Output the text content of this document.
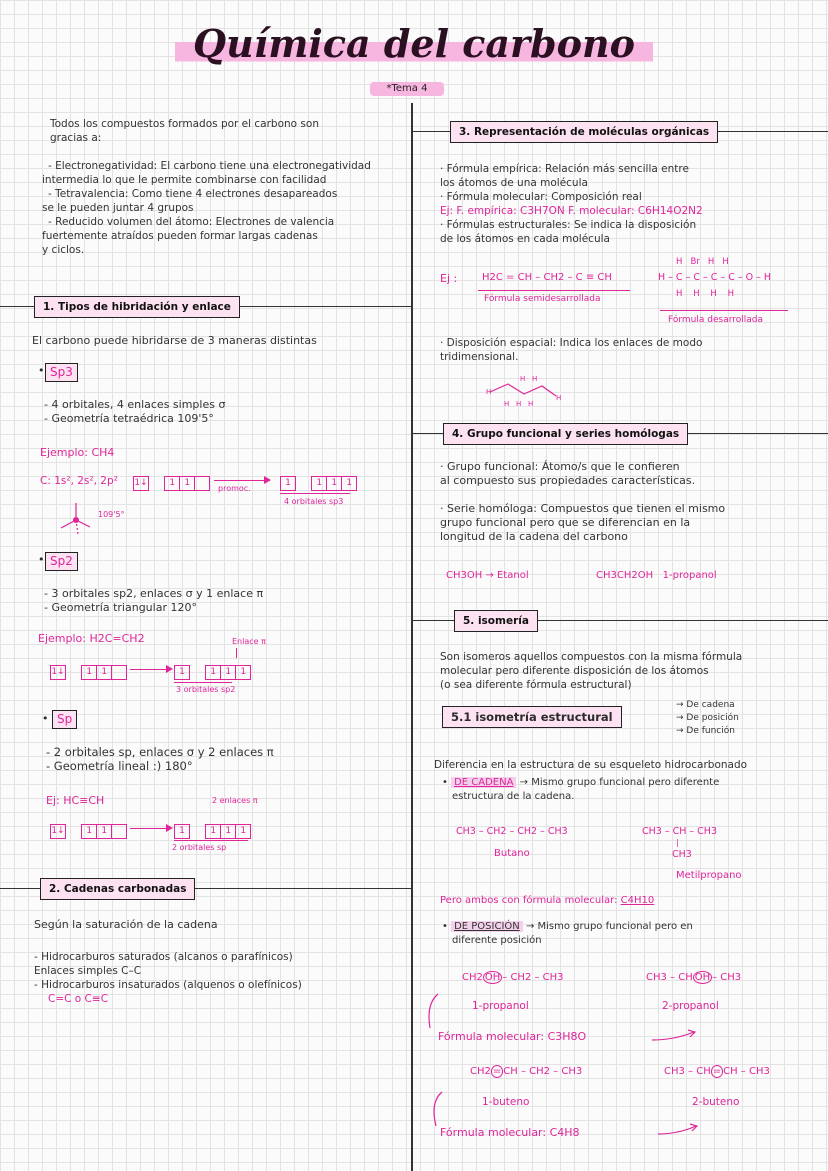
Química del carbono
*Tema 4
Todos los compuestos formados por el carbono son
gracias a:
- Electronegatividad: El carbono tiene una electronegatividad
intermedia lo que le permite combinarse con facilidad
- Tetravalencia: Como tiene 4 electrones desapareados
se le pueden juntar 4 grupos
- Reducido volumen del átomo: Electrones de valencia
fuertemente atraídos pueden formar largas cadenas
y ciclos.
1. Tipos de hibridación y enlace
El carbono puede hibridarse de 3 maneras distintas
• Sp3
- 4 orbitales, 4 enlaces simples σ
- Geometría tetraédrica 109'5°
Ejemplo: CH4
C: 1s², 2s², 2p² 1↓ 1 1
promoc.
1	1 1 1
4 orbitales sp3
109'5°
• Sp2
- 3 orbitales sp2, enlaces σ y 1 enlace π
- Geometría triangular 120°
Ejemplo: H2C=CH2	Enlace π
1↓ 1 1	1	1 1 1
3 orbitales sp2
• Sp
- 2 orbitales sp, enlaces σ y 2 enlaces π
- Geometría lineal :) 180°
Ej: HC≡CH	2 enlaces π
1↓ 1 1	1	1 1 1
2 orbitales sp
2. Cadenas carbonadas
Según la saturación de la cadena
- Hidrocarburos saturados (alcanos o parafínicos)
Enlaces simples C–C
- Hidrocarburos insaturados (alquenos o olefínicos)
C=C o C≡C
3. Representación de moléculas orgánicas
· Fórmula empírica: Relación más sencilla entre
los átomos de una molécula
· Fórmula molecular: Composición real
Ej: F. empírica: C3H7ON F. molecular: C6H14O2N2
· Fórmulas estructurales: Se indica la disposición
de los átomos en cada molécula
Ej : H2C = CH – CH2 – C ≡ CH
Fórmula semidesarrollada
H   Br   H   H
H – C – C – C – C – O – H
H    H    H    H
Fórmula desarrollada
· Disposición espacial: Indica los enlaces de modo
tridimensional.
H
H H
H H H
H
4. Grupo funcional y series homólogas
· Grupo funcional: Átomo/s que le confieren
al compuesto sus propiedades características.
· Serie homóloga: Compuestos que tienen el mismo
grupo funcional pero que se diferencian en la
longitud de la cadena del carbono
CH3OH → Etanol	CH3CH2OH   1-propanol
5. isomería
Son isomeros aquellos compuestos con la misma fórmula
molecular pero diferente disposición de los átomos
(o sea diferente fórmula estructural)
5.1 isometría estructural
→ De cadena
→ De posición
→ De función
Diferencia en la estructura de su esqueleto hidrocarbonado
• DE CADENA → Mismo grupo funcional pero diferente
estructura de la cadena.
CH3 – CH2 – CH2 – CH3
Butano
CH3 – CH – CH3
|
CH3
Metilpropano
Pero ambos con fórmula molecular: C4H10
• DE POSICIÓN → Mismo grupo funcional pero en
diferente posición
CH2 OH – CH2 – CH3
1-propanol
CH3 – CH OH – CH3
2-propanol
Fórmula molecular: C3H8O
CH2 = CH – CH2 – CH3
1-buteno
CH3 – CH = CH – CH3
2-buteno
Fórmula molecular: C4H8
